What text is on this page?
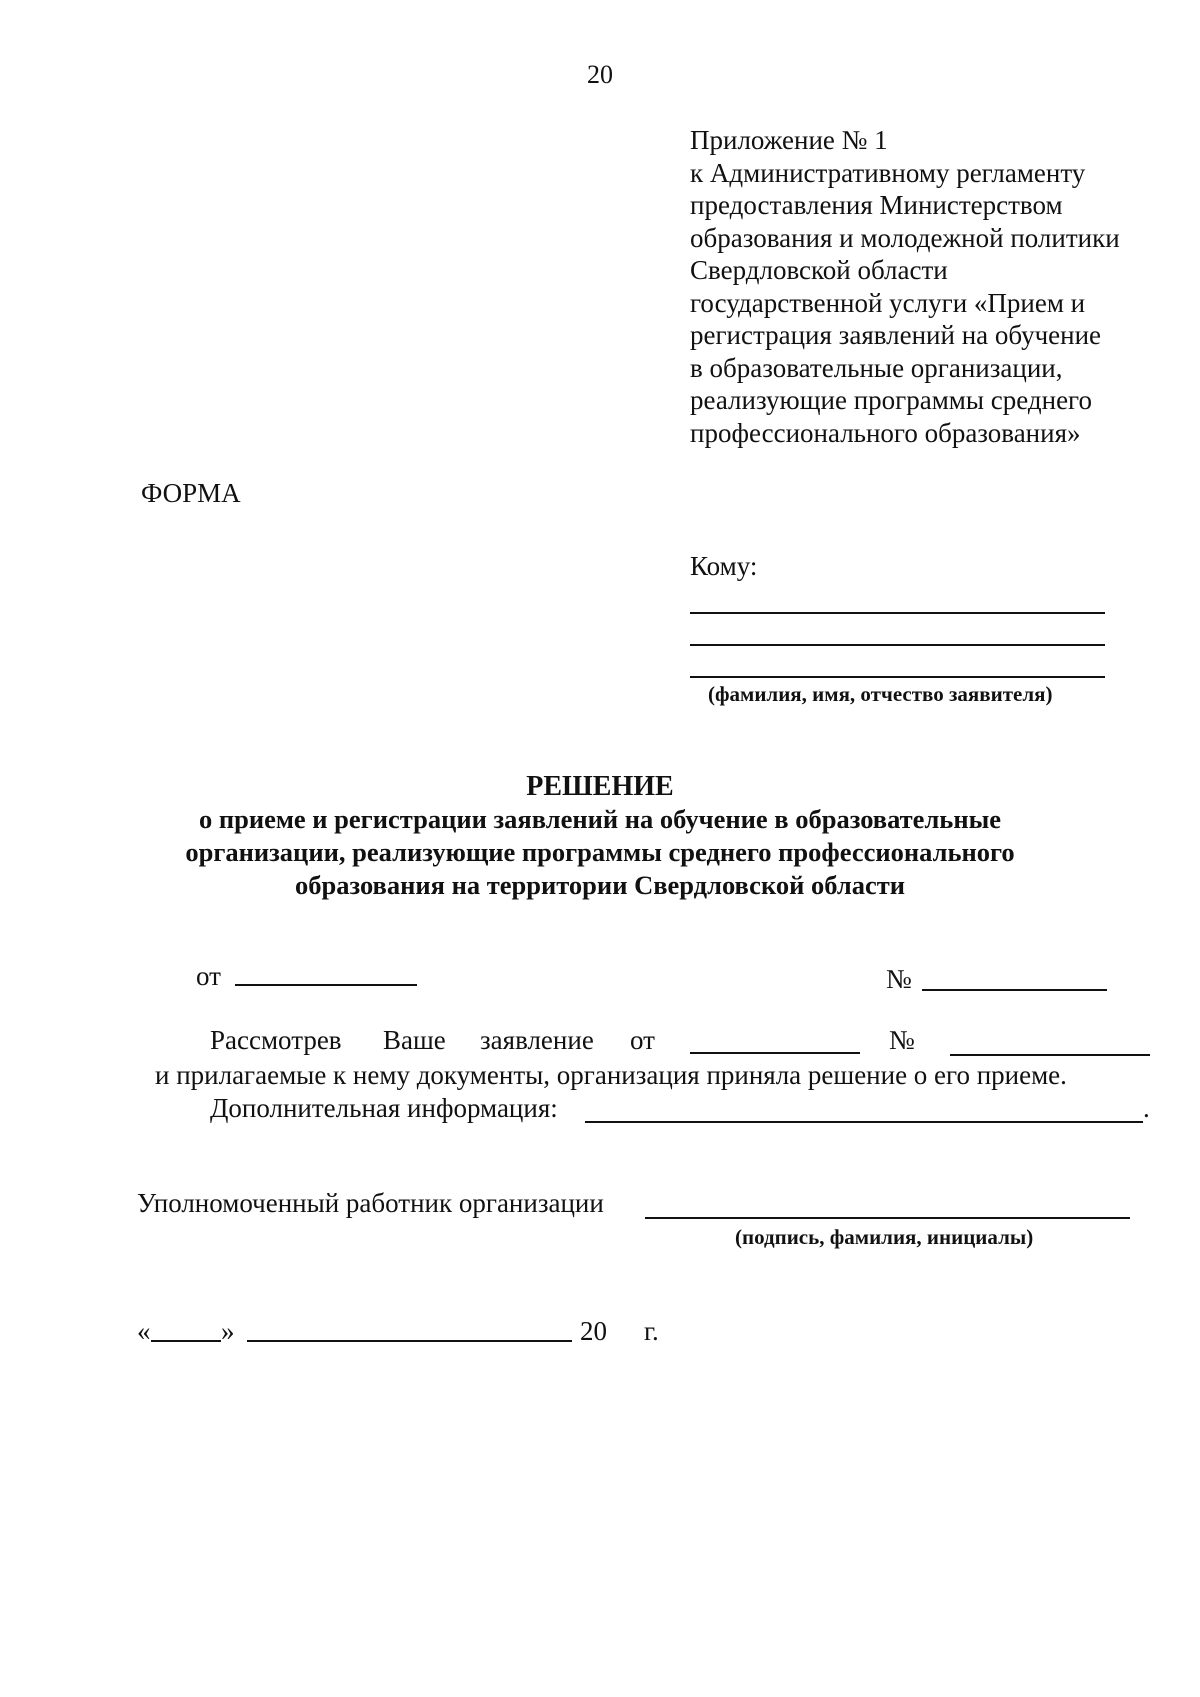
20
Приложение № 1
к Административному регламенту
предоставления Министерством
образования и молодежной политики
Свердловской области
государственной услуги «Прием и
регистрация заявлений на обучение
в образовательные организации,
реализующие программы среднего
профессионального образования»
ФОРМА
Кому:
(фамилия, имя, отчество заявителя)
РЕШЕНИЕ
о приеме и регистрации заявлений на обучение в образовательные
организации, реализующие программы среднего профессионального
образования на территории Свердловской области
от	№
Рассмотрев Ваше заявление от	№
и прилагаемые к нему документы, организация приняла решение о его приеме.
Дополнительная информация:	.
Уполномоченный работник организации
(подпись, фамилия, инициалы)
«	»	20 г.
